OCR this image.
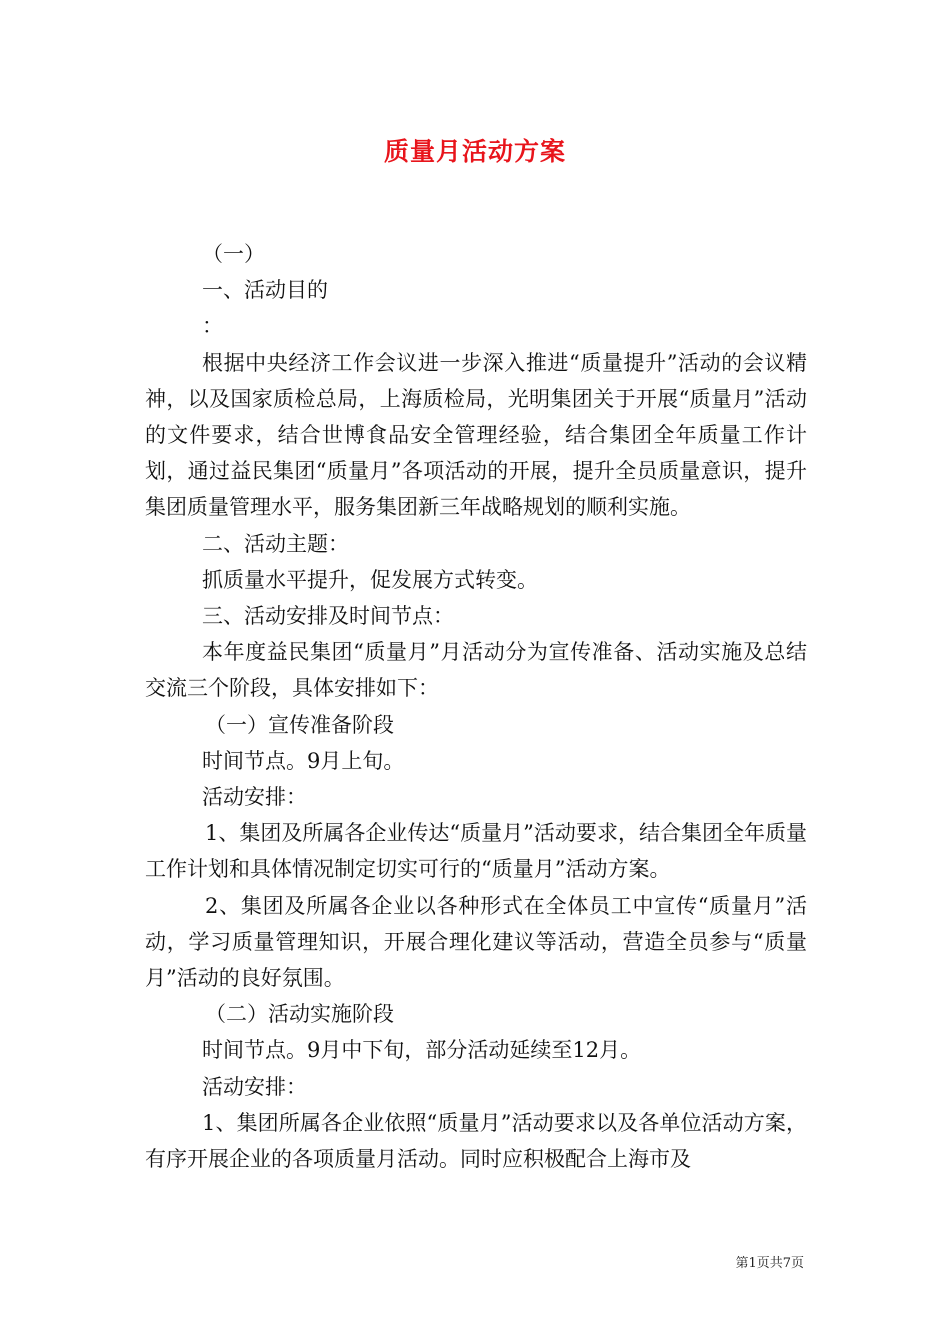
质量月活动方案

（一）

一、活动目的

：

根据中央经济工作会议进一步深入推进“质量提升”活动的会议精神，以及国家质检总局，上海质检局，光明集团关于开展“质量月”活动的文件要求，结合世博食品安全管理经验，结合集团全年质量工作计划，通过益民集团“质量月”各项活动的开展，提升全员质量意识，提升集团质量管理水平，服务集团新三年战略规划的顺利实施。

二、活动主题：

抓质量水平提升，促发展方式转变。

三、活动安排及时间节点：

本年度益民集团“质量月”月活动分为宣传准备、活动实施及总结交流三个阶段，具体安排如下：

（一）宣传准备阶段

时间节点。9月上旬。

活动安排：

1、集团及所属各企业传达“质量月”活动要求，结合集团全年质量工作计划和具体情况制定切实可行的“质量月”活动方案。

2、集团及所属各企业以各种形式在全体员工中宣传“质量月”活动，学习质量管理知识，开展合理化建议等活动，营造全员参与“质量月”活动的良好氛围。

（二）活动实施阶段

时间节点。9月中下旬，部分活动延续至12月。

活动安排：

1、集团所属各企业依照“质量月”活动要求以及各单位活动方案，有序开展企业的各项质量月活动。同时应积极配合上海市及

第1页共7页
